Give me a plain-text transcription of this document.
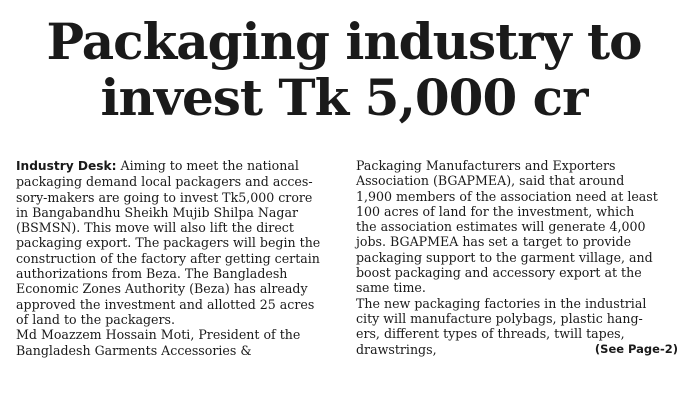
Packaging industry to
invest Tk 5,000 cr
Industry Desk: Aiming to meet the national
packaging demand local packagers and acces-
sory-makers are going to invest Tk5,000 crore
in Bangabandhu Sheikh Mujib Shilpa Nagar
(BSMSN). This move will also lift the direct
packaging export. The packagers will begin the
construction of the factory after getting certain
authorizations from Beza. The Bangladesh
Economic Zones Authority (Beza) has already
approved the investment and allotted 25 acres
of land to the packagers.
Md Moazzem Hossain Moti, President of the
Bangladesh Garments Accessories &
Packaging Manufacturers and Exporters
Association (BGAPMEA), said that around
1,900 members of the association need at least
100 acres of land for the investment, which
the association estimates will generate 4,000
jobs. BGAPMEA has set a target to provide
packaging support to the garment village, and
boost packaging and accessory export at the
same time.
The new packaging factories in the industrial
city will manufacture polybags, plastic hang-
ers, different types of threads, twill tapes,
drawstrings,	(See Page-2)
